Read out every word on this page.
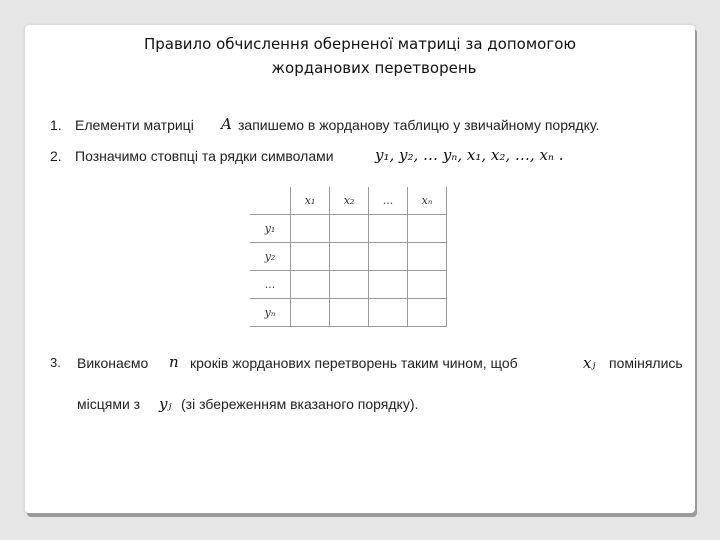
Правило обчислення оберненої матриці за допомогою
жорданових перетворень
1. Елементи матриці A запишемо в жорданову таблицю у звичайному порядку.
2. Позначимо стовпці та рядки символами	y₁, y₂, … yₙ, x₁, x₂, …, xₙ .
	x₁	x₂	...	xₙ
y₁				
y₂				
...				
yₙ				
3. Виконаємо n кроків жорданових перетворень таким чином, щоб	xⱼ помінялись
місцями з yⱼ (зі збереженням вказаного порядку).
